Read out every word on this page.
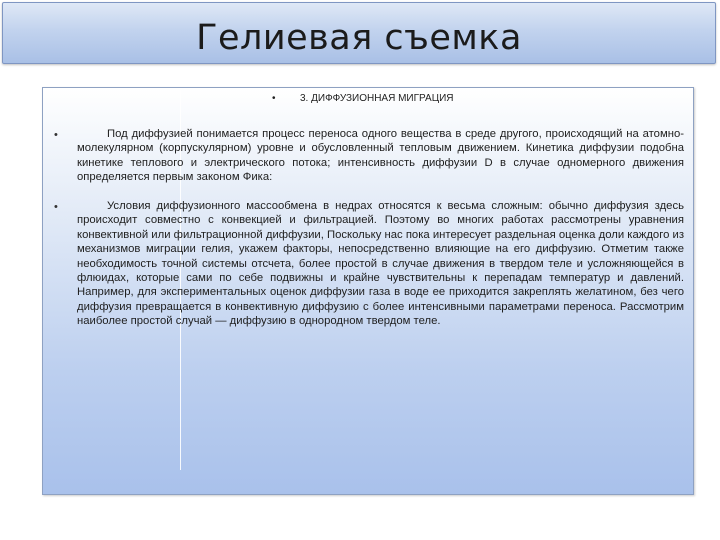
Гелиевая съемка
• 3. ДИФФУЗИОННАЯ МИГРАЦИЯ
•	Под диффузией понимается процесс переноса одного вещества в среде другого, происходящий на атомно-молекулярном (корпускулярном) уровне и обусловленный тепловым движением. Кинетика диффузии подобна кинетике теплового и электрического потока; интенсивность диффузии D в случае одномерного движения определяется первым законом Фика:
•	Условия диффузионного массообмена в недрах относятся к весьма сложным: обычно диффузия здесь происходит совместно с конвекцией и фильтрацией. Поэтому во многих работах рассмотрены уравнения конвективной или фильтрационной диффузии, Поскольку нас пока интересует раздельная оценка доли каждого из механизмов миграции гелия, укажем факторы, непосредственно влияющие на его диффузию. Отметим также необходимость точной системы отсчета, более простой в случае движения в твердом теле и усложняющейся в флюидах, которые сами по себе подвижны и крайне чувствительны к перепадам температур и давлений. Например, для экспериментальных оценок диффузии газа в воде ее приходится закреплять желатином, без чего диффузия превращается в конвективную диффузию с более интенсивными параметрами переноса. Рассмотрим наиболее простой случай — диффузию в однородном твердом теле.
